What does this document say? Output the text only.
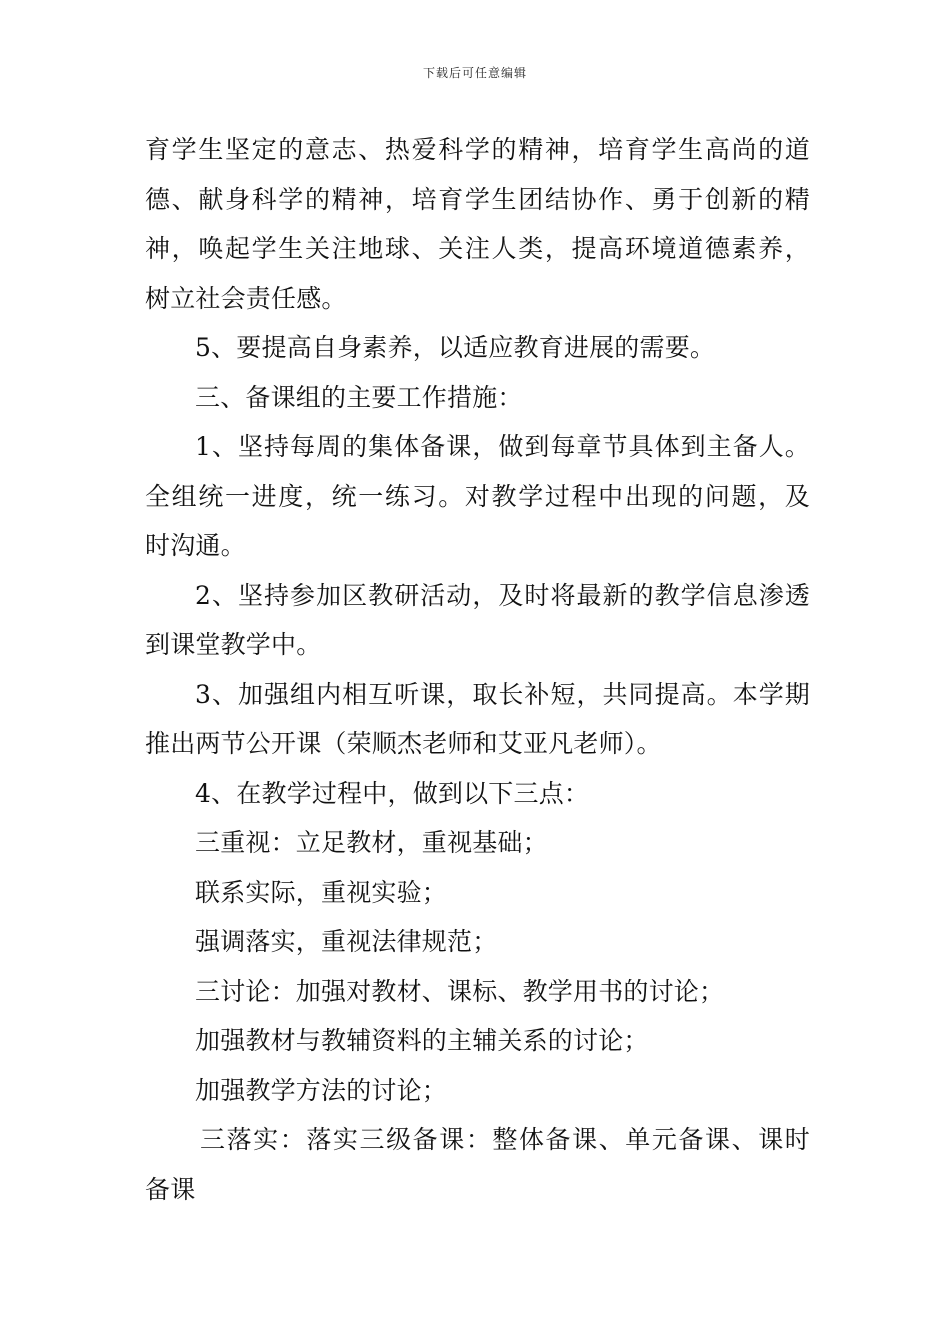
下载后可任意编辑
育学生坚定的意志、热爱科学的精神，培育学生高尚的道
德、献身科学的精神，培育学生团结协作、勇于创新的精
神，唤起学生关注地球、关注人类，提高环境道德素养，
树立社会责任感。
5、要提高自身素养，以适应教育进展的需要。
三、备课组的主要工作措施：
1、坚持每周的集体备课，做到每章节具体到主备人。
全组统一进度，统一练习。对教学过程中出现的问题，及
时沟通。
2、坚持参加区教研活动，及时将最新的教学信息渗透
到课堂教学中。
3、加强组内相互听课，取长补短，共同提高。本学期
推出两节公开课（荣顺杰老师和艾亚凡老师）。
4、在教学过程中，做到以下三点：
三重视：立足教材，重视基础；
联系实际，重视实验；
强调落实，重视法律规范；
三讨论：加强对教材、课标、教学用书的讨论；
加强教材与教辅资料的主辅关系的讨论；
加强教学方法的讨论；
三落实：落实三级备课：整体备课、单元备课、课时
备课
